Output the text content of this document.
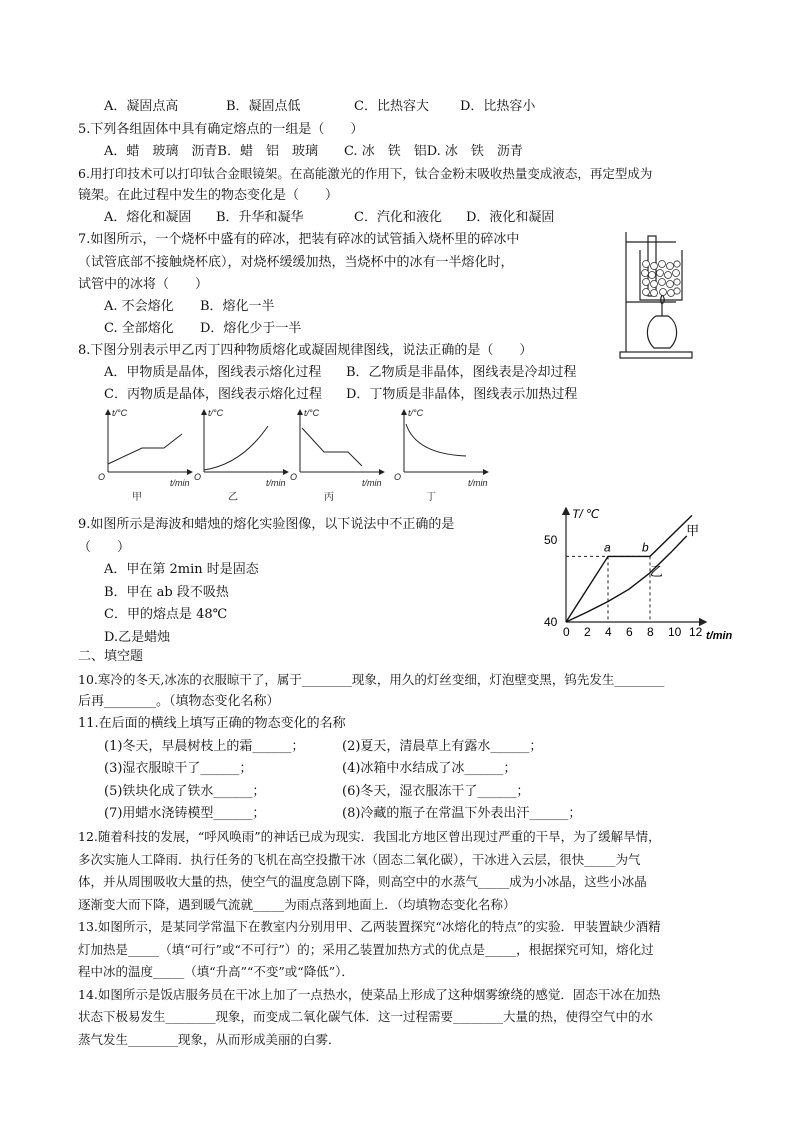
A．凝固点高	B．凝固点低	C．比热容大 D．比热容小
5.下列各组固体中具有确定熔点的一组是（　　）
A．蜡　玻璃　沥青B．蜡　铝　玻璃　　C. 冰　铁　铝D. 冰　铁　沥青
6.用打印技术可以打印钛合金眼镜架。在高能激光的作用下，钛合金粉末吸收热量变成液态，再定型成为
镜架。在此过程中发生的物态变化是（　　）
A．熔化和凝固 B．升华和凝华	C．汽化和液化 D．液化和凝固
7.如图所示，一个烧杯中盛有的碎冰，把装有碎冰的试管插入烧杯里的碎冰中
（试管底部不接触烧杯底），对烧杯缓缓加热，当烧杯中的冰有一半熔化时，
试管中的冰将（　　）
A. 不会熔化 B．熔化一半
C. 全部熔化 D．熔化少于一半
8.下图分别表示甲乙丙丁四种物质熔化或凝固规律图线，说法正确的是（　　）
A．甲物质是晶体，图线表示熔化过程 B．乙物质是非晶体，图线表是冷却过程
C．丙物质是晶体，图线表示熔化过程 D．丁物质是非晶体，图线表示加热过程
t/°C	t/°C	t/°C	t/°C
O	O	O	O
t/min	t/min	t/min	t/min
甲	乙	丙	丁
9.如图所示是海波和蜡烛的熔化实验图像，以下说法中不正确的是
（　　）
A．甲在第 2min 时是固态
B．甲在 ab 段不吸热
C．甲的熔点是 48℃
D.乙是蜡烛
T/ ℃
t/min
0 2 4 6 8 10 12
40
50
甲
乙
a	b
二、填空题
10.寒冷的冬天,冰冻的衣服晾干了，属于________现象，用久的灯丝变细，灯泡壁变黑，钨先发生________
后再________。（填物态变化名称）
11.在后面的横线上填写正确的物态变化的名称
(1)冬天，早晨树枝上的霜______；	(2)夏天，清晨草上有露水______；
(3)湿衣服晾干了______；	(4)冰箱中水结成了冰______；
(5)铁块化成了铁水______；	(6)冬天，湿衣服冻干了______；
(7)用蜡水浇铸模型______；	(8)冷藏的瓶子在常温下外表出汗______；
12.随着科技的发展，“呼风唤雨”的神话已成为现实．我国北方地区曾出现过严重的干旱，为了缓解旱情，
多次实施人工降雨．执行任务的飞机在高空投撒干冰（固态二氧化碳），干冰进入云层，很快_____为气
体，并从周围吸收大量的热，使空气的温度急剧下降，则高空中的水蒸气_____成为小冰晶，这些小冰晶
逐渐变大而下降，遇到暖气流就_____为雨点落到地面上．（均填物态变化名称）
13.如图所示，是某同学常温下在教室内分别用甲、乙两装置探究“冰熔化的特点”的实验．甲装置缺少酒精
灯加热是_____（填“可行”或“不可行”）的；采用乙装置加热方式的优点是_____，根据探究可知，熔化过
程中冰的温度_____（填“升高”“不变”或“降低”）．
14.如图所示是饭店服务员在干冰上加了一点热水，使菜品上形成了这种烟雾缭绕的感觉．固态干冰在加热
状态下极易发生________现象，而变成二氧化碳气体．这一过程需要________大量的热，使得空气中的水
蒸气发生________现象，从而形成美丽的白雾．
